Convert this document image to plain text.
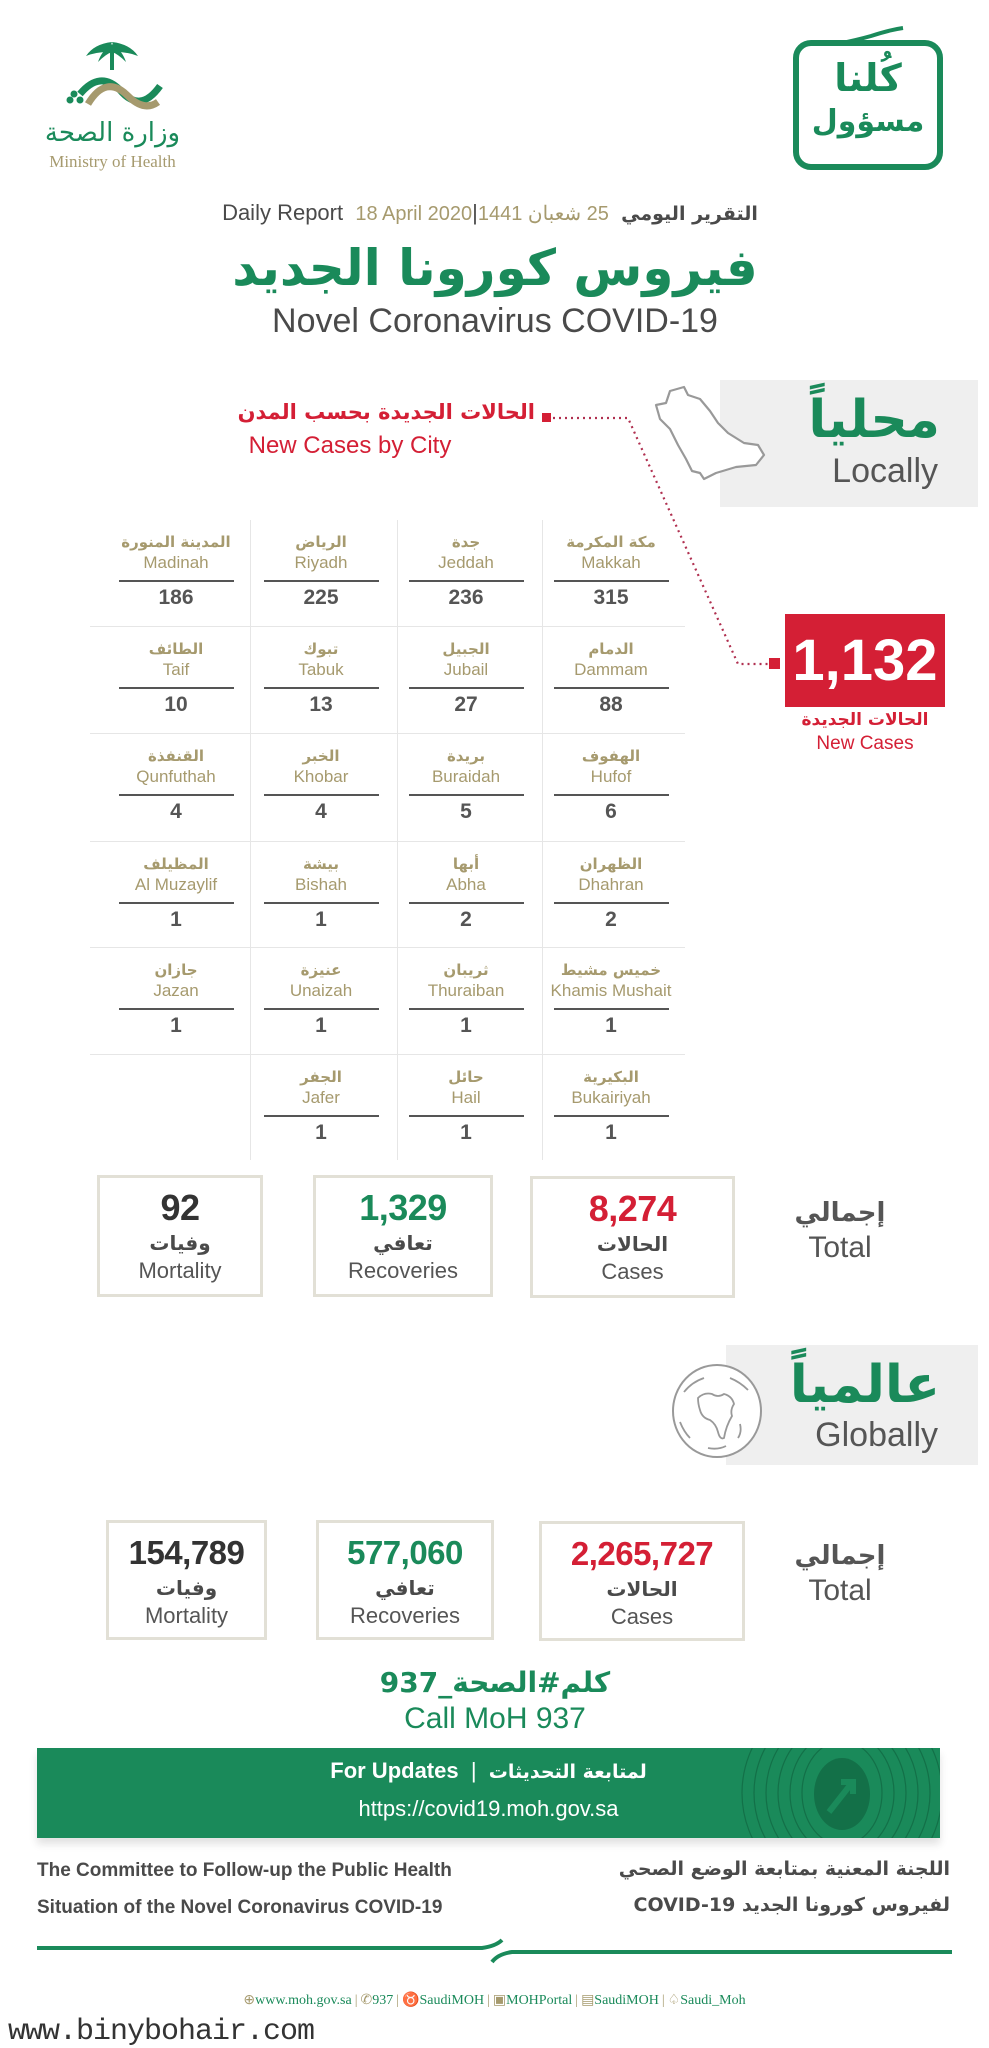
وزارة الصحة
Ministry of Health
كُلنا
مسؤول
Daily Report 18 April 2020|25 شعبان 1441 التقرير اليومي
فيروس كورونا الجديد
Novel Coronavirus COVID-19
محلياً
Locally
الحالات الجديدة بحسب المدن
New Cases by City
مكة المكرمة
Makkah
315
جدة
Jeddah
236
الرياض
Riyadh
225
المدينة المنورة
Madinah
186
الدمام
Dammam
88
الجبيل
Jubail
27
تبوك
Tabuk
13
الطائف
Taif
10
الهفوف
Hufof
6
بريدة
Buraidah
5
الخبر
Khobar
4
القنفذة
Qunfuthah
4
الظهران
Dhahran
2
أبها
Abha
2
بيشة
Bishah
1
المظيلف
Al Muzaylif
1
خميس مشيط
Khamis Mushait
1
ثريبان
Thuraiban
1
عنيزة
Unaizah
1
جازان
Jazan
1
البكيرية
Bukairiyah
1
حائل
Hail
1
الجفر
Jafer
1
1,132
الحالات الجديدة
New Cases
92
وفيات
Mortality
1,329
تعافي
Recoveries
8,274
الحالات
Cases
إجمالي
Total
عالمياً
Globally
154,789
وفيات
Mortality
577,060
تعافي
Recoveries
2,265,727
الحالات
Cases
إجمالي
Total
كلم#الصحة_937
Call MoH 937
For Updates | لمتابعة التحديثات
https://covid19.moh.gov.sa
The Committee to Follow-up the Public Health
Situation of the Novel Coronavirus COVID-19
اللجنة المعنية بمتابعة الوضع الصحي
لفيروس كورونا الجديد COVID-19
⊕www.moh.gov.sa | ✆937 | ♉SaudiMOH | ▣MOHPortal | ▤SaudiMOH | ♤Saudi_Moh
www.binybohair.com
